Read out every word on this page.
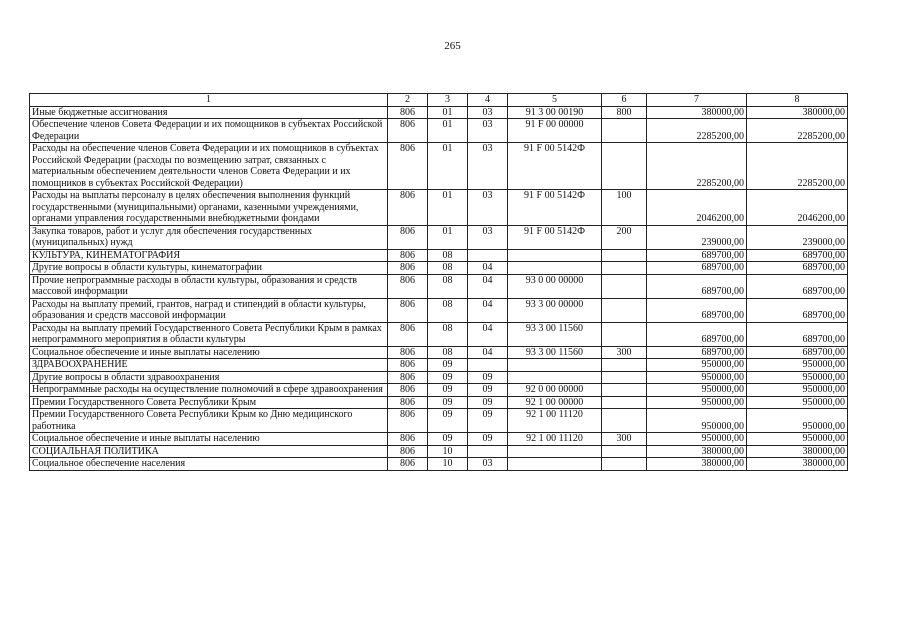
265
1	2	3	4	5	6	7	8
Иные бюджетные ассигнования	806	01	03	91 3 00 00190	800	380000,00	380000,00
Обеспечение членов Совета Федерации и их помощников в субъектах Российской Федерации	806	01	03	91 F 00 00000		2285200,00	2285200,00
Расходы на обеспечение членов Совета Федерации и их помощников в субъектах Российской Федерации (расходы по возмещению затрат, связанных с материальным обеспечением деятельности членов Совета Федерации и их помощников в субъектах Российской Федерации)	806	01	03	91 F 00 5142Ф		2285200,00	2285200,00
Расходы на выплаты персоналу в целях обеспечения выполнения функций государственными (муниципальными) органами, казенными учреждениями, органами управления государственными внебюджетными фондами	806	01	03	91 F 00 5142Ф	100	2046200,00	2046200,00
Закупка товаров, работ и услуг для обеспечения государственных (муниципальных) нужд	806	01	03	91 F 00 5142Ф	200	239000,00	239000,00
КУЛЬТУРА, КИНЕМАТОГРАФИЯ	806	08				689700,00	689700,00
Другие вопросы в области культуры, кинематографии	806	08	04			689700,00	689700,00
Прочие непрограммные расходы в области культуры, образования и средств массовой информации	806	08	04	93 0 00 00000		689700,00	689700,00
Расходы на выплату премий, грантов, наград и стипендий в области культуры, образования и средств массовой информации	806	08	04	93 3 00 00000		689700,00	689700,00
Расходы на выплату премий Государственного Совета Республики Крым в рамках непрограммного мероприятия в области культуры	806	08	04	93 3 00 11560		689700,00	689700,00
Социальное обеспечение и иные выплаты населению	806	08	04	93 3 00 11560	300	689700,00	689700,00
ЗДРАВООХРАНЕНИЕ	806	09				950000,00	950000,00
Другие вопросы в области здравоохранения	806	09	09			950000,00	950000,00
Непрограммные расходы на осуществление полномочий в сфере здравоохранения	806	09	09	92 0 00 00000		950000,00	950000,00
Премии Государственного Совета Республики Крым	806	09	09	92 1 00 00000		950000,00	950000,00
Премии Государственного Совета Республики Крым ко Дню медицинского работника	806	09	09	92 1 00 11120		950000,00	950000,00
Социальное обеспечение и иные выплаты населению	806	09	09	92 1 00 11120	300	950000,00	950000,00
СОЦИАЛЬНАЯ ПОЛИТИКА	806	10				380000,00	380000,00
Социальное обеспечение населения	806	10	03			380000,00	380000,00
